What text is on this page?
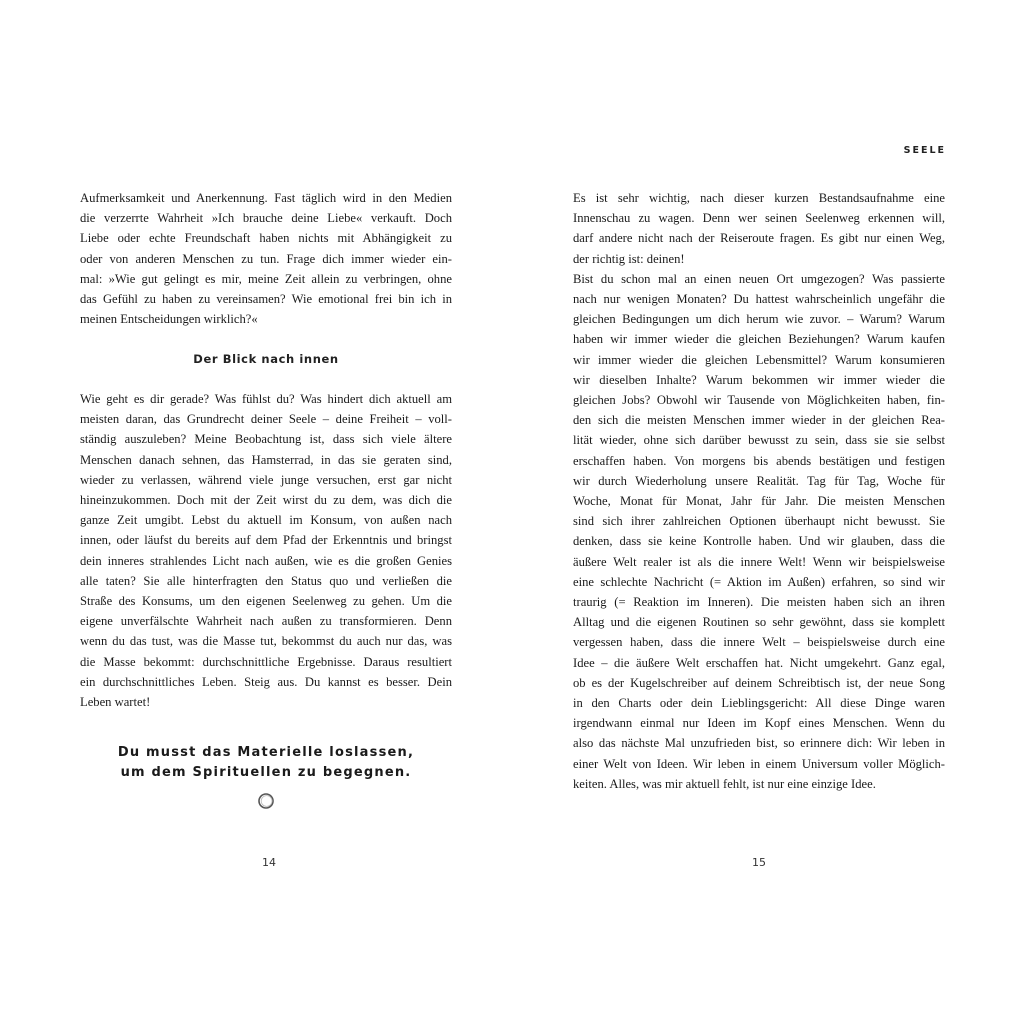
Aufmerksamkeit und Anerkennung. Fast täglich wird in den Medien
die verzerrte Wahrheit »Ich brauche deine Liebe« verkauft. Doch
Liebe oder echte Freundschaft haben nichts mit Abhängigkeit zu
oder von anderen Menschen zu tun. Frage dich immer wieder ein-
mal: »Wie gut gelingt es mir, meine Zeit allein zu verbringen, ohne
das Gefühl zu haben zu vereinsamen? Wie emotional frei bin ich in
meinen Entscheidungen wirklich?«
Der Blick nach innen
Wie geht es dir gerade? Was fühlst du? Was hindert dich aktuell am
meisten daran, das Grundrecht deiner Seele – deine Freiheit – voll-
ständig auszuleben? Meine Beobachtung ist, dass sich viele ältere
Menschen danach sehnen, das Hamsterrad, in das sie geraten sind,
wieder zu verlassen, während viele junge versuchen, erst gar nicht
hineinzukommen. Doch mit der Zeit wirst du zu dem, was dich die
ganze Zeit umgibt. Lebst du aktuell im Konsum, von außen nach
innen, oder läufst du bereits auf dem Pfad der Erkenntnis und bringst
dein inneres strahlendes Licht nach außen, wie es die großen Genies
alle taten? Sie alle hinterfragten den Status quo und verließen die
Straße des Konsums, um den eigenen Seelenweg zu gehen. Um die
eigene unverfälschte Wahrheit nach außen zu transformieren. Denn
wenn du das tust, was die Masse tut, bekommst du auch nur das, was
die Masse bekommt: durchschnittliche Ergebnisse. Daraus resultiert
ein durchschnittliches Leben. Steig aus. Du kannst es besser. Dein
Leben wartet!
Du musst das Materielle loslassen,
um dem Spirituellen zu begegnen.
14
SEELE
Es ist sehr wichtig, nach dieser kurzen Bestandsaufnahme eine
Innenschau zu wagen. Denn wer seinen Seelenweg erkennen will,
darf andere nicht nach der Reiseroute fragen. Es gibt nur einen Weg,
der richtig ist: deinen!
Bist du schon mal an einen neuen Ort umgezogen? Was passierte
nach nur wenigen Monaten? Du hattest wahrscheinlich ungefähr die
gleichen Bedingungen um dich herum wie zuvor. – Warum? Warum
haben wir immer wieder die gleichen Beziehungen? Warum kaufen
wir immer wieder die gleichen Lebensmittel? Warum konsumieren
wir dieselben Inhalte? Warum bekommen wir immer wieder die
gleichen Jobs? Obwohl wir Tausende von Möglichkeiten haben, fin-
den sich die meisten Menschen immer wieder in der gleichen Rea-
lität wieder, ohne sich darüber bewusst zu sein, dass sie sie selbst
erschaffen haben. Von morgens bis abends bestätigen und festigen
wir durch Wiederholung unsere Realität. Tag für Tag, Woche für
Woche, Monat für Monat, Jahr für Jahr. Die meisten Menschen
sind sich ihrer zahlreichen Optionen überhaupt nicht bewusst. Sie
denken, dass sie keine Kontrolle haben. Und wir glauben, dass die
äußere Welt realer ist als die innere Welt! Wenn wir beispielsweise
eine schlechte Nachricht (= Aktion im Außen) erfahren, so sind wir
traurig (= Reaktion im Inneren). Die meisten haben sich an ihren
Alltag und die eigenen Routinen so sehr gewöhnt, dass sie komplett
vergessen haben, dass die innere Welt – beispielsweise durch eine
Idee – die äußere Welt erschaffen hat. Nicht umgekehrt. Ganz egal,
ob es der Kugelschreiber auf deinem Schreibtisch ist, der neue Song
in den Charts oder dein Lieblingsgericht: All diese Dinge waren
irgendwann einmal nur Ideen im Kopf eines Menschen. Wenn du
also das nächste Mal unzufrieden bist, so erinnere dich: Wir leben in
einer Welt von Ideen. Wir leben in einem Universum voller Möglich-
keiten. Alles, was mir aktuell fehlt, ist nur eine einzige Idee.
15
